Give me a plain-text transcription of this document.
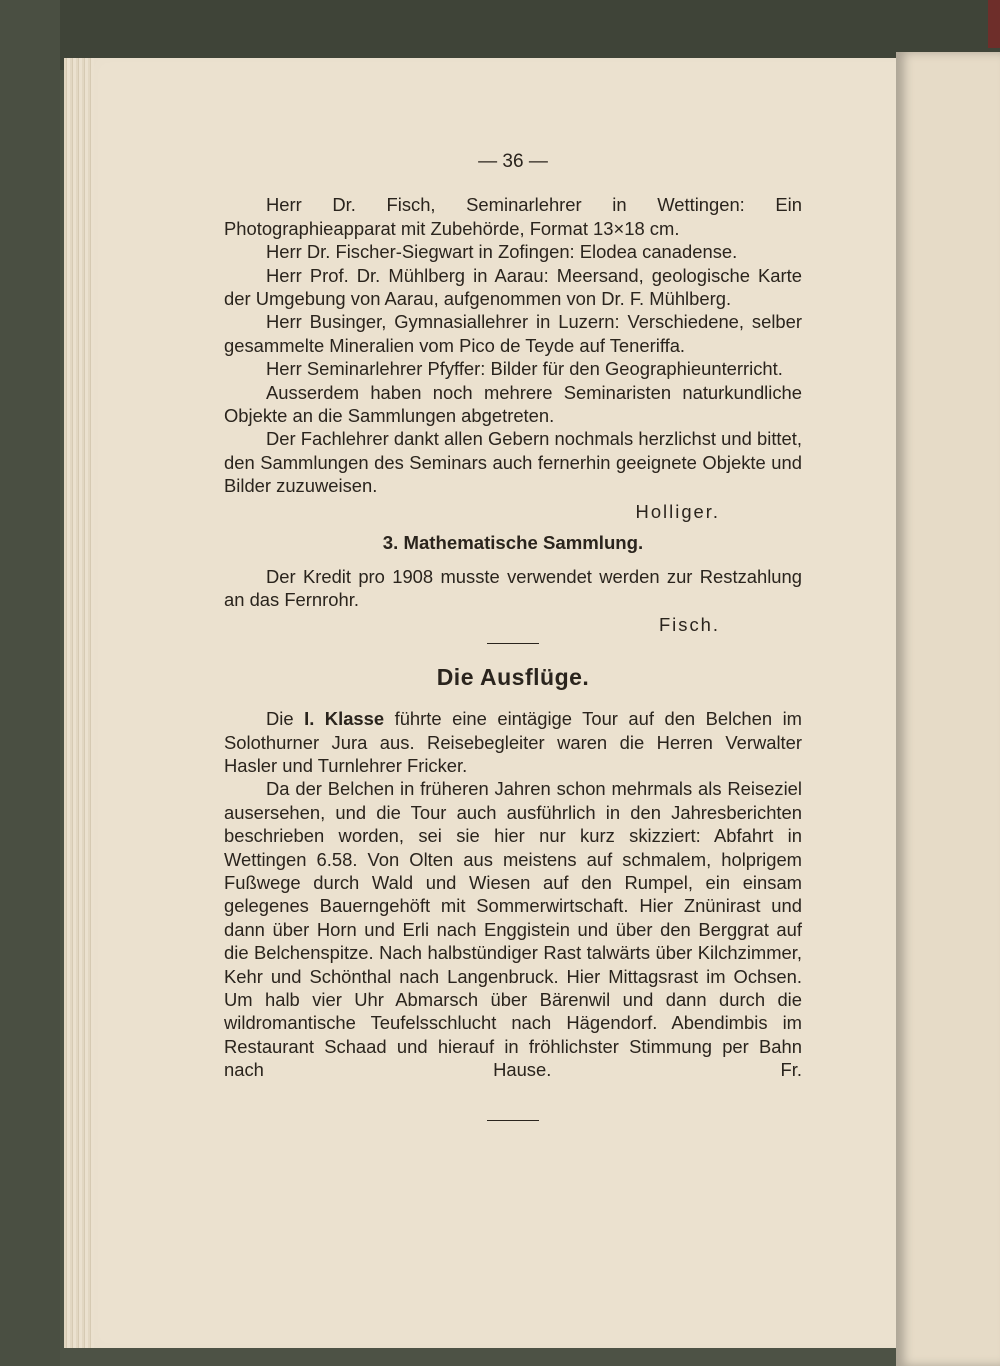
— 36 —

Herr Dr. Fisch, Seminarlehrer in Wettingen: Ein Photographieapparat mit Zubehörde, Format 13×18 cm.

Herr Dr. Fischer-Siegwart in Zofingen: Elodea canadense.

Herr Prof. Dr. Mühlberg in Aarau: Meersand, geologische Karte der Umgebung von Aarau, aufgenommen von Dr. F. Mühlberg.

Herr Businger, Gymnasiallehrer in Luzern: Verschiedene, selber gesammelte Mineralien vom Pico de Teyde auf Teneriffa.

Herr Seminarlehrer Pfyffer: Bilder für den Geographieunterricht.

Ausserdem haben noch mehrere Seminaristen naturkundliche Objekte an die Sammlungen abgetreten.

Der Fachlehrer dankt allen Gebern nochmals herzlichst und bittet, den Sammlungen des Seminars auch fernerhin geeignete Objekte und Bilder zuzuweisen.

Holliger.
3. Mathematische Sammlung.

Der Kredit pro 1908 musste verwendet werden zur Restzahlung an das Fernrohr.

Fisch.
Die Ausflüge.

Die I. Klasse führte eine eintägige Tour auf den Belchen im Solothurner Jura aus. Reisebegleiter waren die Herren Verwalter Hasler und Turnlehrer Fricker.

Da der Belchen in früheren Jahren schon mehrmals als Reiseziel ausersehen, und die Tour auch ausführlich in den Jahresberichten beschrieben worden, sei sie hier nur kurz skizziert: Abfahrt in Wettingen 6.58. Von Olten aus meistens auf schmalem, holprigem Fußwege durch Wald und Wiesen auf den Rumpel, ein einsam gelegenes Bauerngehöft mit Sommerwirtschaft. Hier Znünirast und dann über Horn und Erli nach Enggistein und über den Berggrat auf die Belchenspitze. Nach halbstündiger Rast talwärts über Kilchzimmer, Kehr und Schönthal nach Langenbruck. Hier Mittagsrast im Ochsen. Um halb vier Uhr Abmarsch über Bärenwil und dann durch die wildromantische Teufelsschlucht nach Hägendorf. Abendimbis im Restaurant Schaad und hierauf in fröhlichster Stimmung per Bahn nach Hause.	Fr.
